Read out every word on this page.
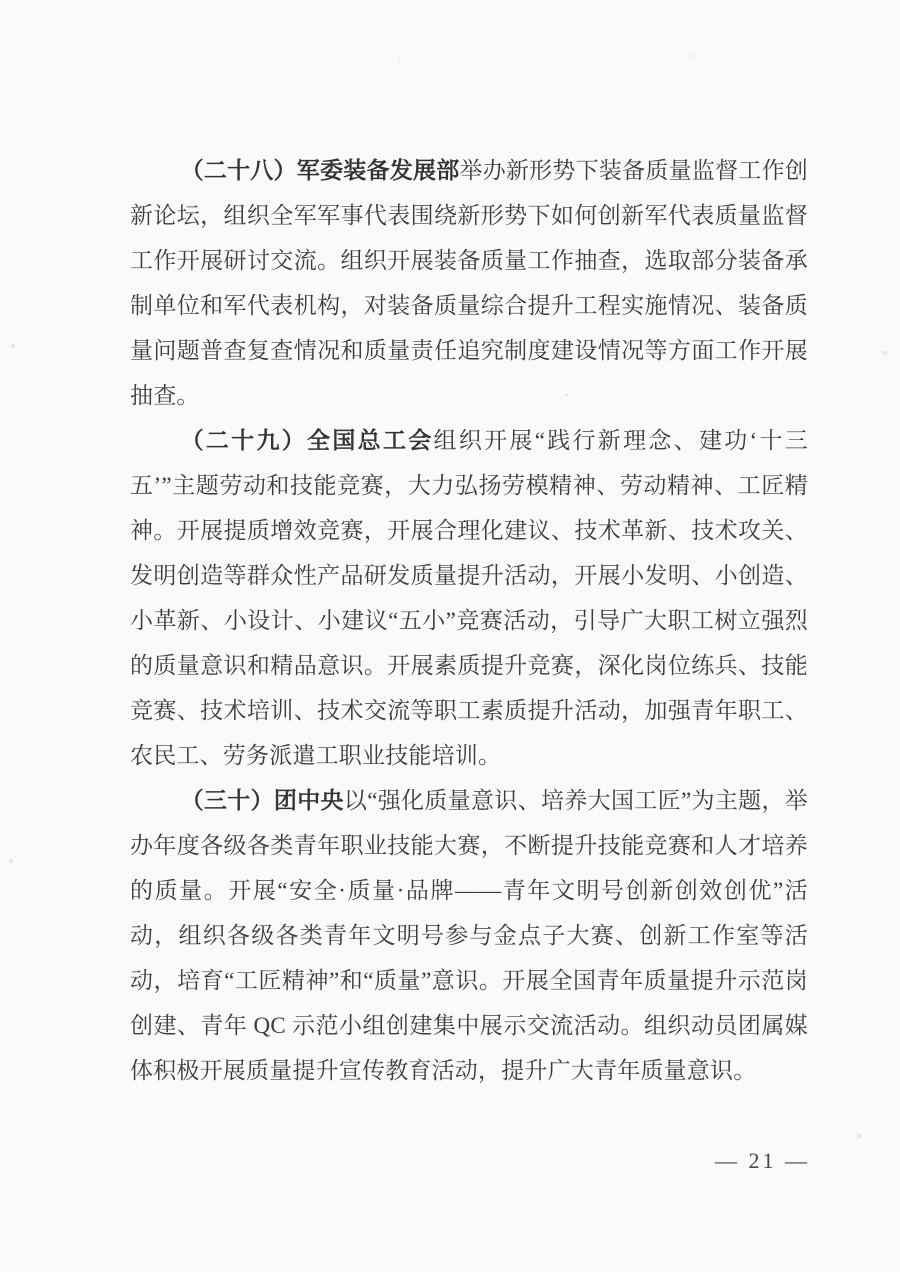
（二十八）军委装备发展部举办新形势下装备质量监督工作创新论坛，组织全军军事代表围绕新形势下如何创新军代表质量监督工作开展研讨交流。组织开展装备质量工作抽查，选取部分装备承制单位和军代表机构，对装备质量综合提升工程实施情况、装备质量问题普查复查情况和质量责任追究制度建设情况等方面工作开展抽查。

（二十九）全国总工会组织开展“践行新理念、建功‘十三五’”主题劳动和技能竞赛，大力弘扬劳模精神、劳动精神、工匠精神。开展提质增效竞赛，开展合理化建议、技术革新、技术攻关、发明创造等群众性产品研发质量提升活动，开展小发明、小创造、小革新、小设计、小建议“五小”竞赛活动，引导广大职工树立强烈的质量意识和精品意识。开展素质提升竞赛，深化岗位练兵、技能竞赛、技术培训、技术交流等职工素质提升活动，加强青年职工、农民工、劳务派遣工职业技能培训。

（三十）团中央以“强化质量意识、培养大国工匠”为主题，举办年度各级各类青年职业技能大赛，不断提升技能竞赛和人才培养的质量。开展“安全·质量·品牌——青年文明号创新创效创优”活动，组织各级各类青年文明号参与金点子大赛、创新工作室等活动，培育“工匠精神”和“质量”意识。开展全国青年质量提升示范岗创建、青年 QC 示范小组创建集中展示交流活动。组织动员团属媒体积极开展质量提升宣传教育活动，提升广大青年质量意识。

— 21 —
